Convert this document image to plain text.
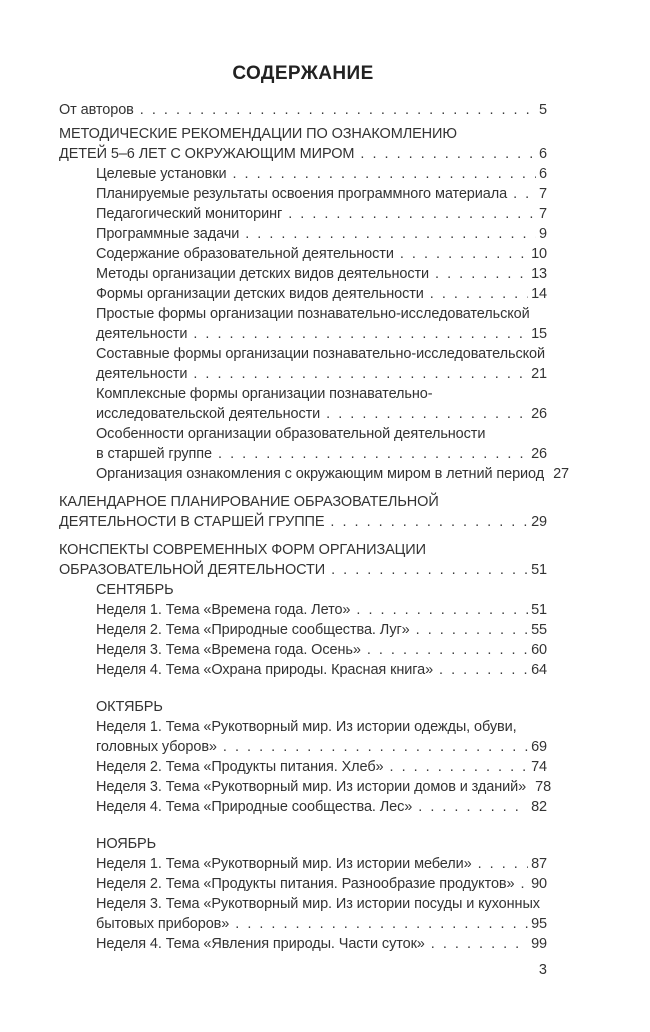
СОДЕРЖАНИЕ
От авторов . . .	5
МЕТОДИЧЕСКИЕ РЕКОМЕНДАЦИИ ПО ОЗНАКОМЛЕНИЮ
ДЕТЕЙ 5–6 ЛЕТ С ОКРУЖАЮЩИМ МИРОМ . . .	6
Целевые установки . . .	6
Планируемые результаты освоения программного материала . . . 7
Педагогический мониторинг . . .	7
Программные задачи . . .	9
Содержание образовательной деятельности . . .	10
Методы организации детских видов деятельности . . .	13
Формы организации детских видов деятельности . . .	14
Простые формы организации познавательно-исследовательской
деятельности . . .	15
Составные формы организации познавательно-исследовательской
деятельности . . .	21
Комплексные формы организации познавательно-
исследовательской деятельности . . .	26
Особенности организации образовательной деятельности
в старшей группе . . .	26
Организация ознакомления с окружающим миром в летний период 27
КАЛЕНДАРНОЕ ПЛАНИРОВАНИЕ ОБРАЗОВАТЕЛЬНОЙ
ДЕЯТЕЛЬНОСТИ В СТАРШЕЙ ГРУППЕ . . .	29
КОНСПЕКТЫ СОВРЕМЕННЫХ ФОРМ ОРГАНИЗАЦИИ
ОБРАЗОВАТЕЛЬНОЙ ДЕЯТЕЛЬНОСТИ . . .	51
СЕНТЯБРЬ
Неделя 1. Тема «Времена года. Лето» . . .	51
Неделя 2. Тема «Природные сообщества. Луг» . . .	55
Неделя 3. Тема «Времена года. Осень» . . .	60
Неделя 4. Тема «Охрана природы. Красная книга» . . .	64
ОКТЯБРЬ
Неделя 1. Тема «Рукотворный мир. Из истории одежды, обуви,
головных уборов» . . .	69
Неделя 2. Тема «Продукты питания. Хлеб» . . .	74
Неделя 3. Тема «Рукотворный мир. Из истории домов и зданий» 78
Неделя 4. Тема «Природные сообщества. Лес» . . .	82
НОЯБРЬ
Неделя 1. Тема «Рукотворный мир. Из истории мебели» . . .	87
Неделя 2. Тема «Продукты питания. Разнообразие продуктов» . . . 90
Неделя 3. Тема «Рукотворный мир. Из истории посуды и кухонных
бытовых приборов» . . .	95
Неделя 4. Тема «Явления природы. Части суток» . . .	99
3
